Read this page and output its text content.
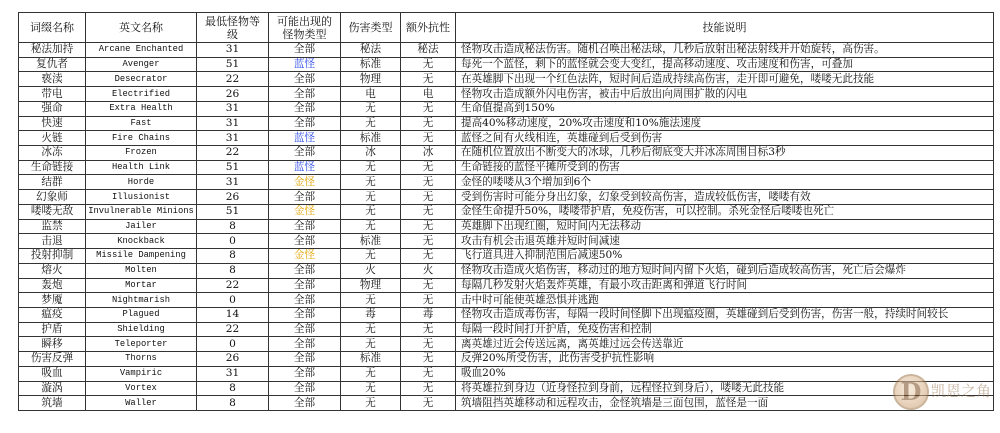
词缀名称	英文名称	最低怪物等级	可能出现的怪物类型	伤害类型	额外抗性	技能说明
秘法加持	Arcane Enchanted	31	全部	秘法	秘法	怪物攻击造成秘法伤害。随机召唤出秘法球，几秒后放射出秘法射线并开始旋转，高伤害。
复仇者	Avenger	51	蓝怪	标准	无	每死一个蓝怪，剩下的蓝怪就会变大变红，提高移动速度、攻击速度和伤害，可叠加
亵渎	Desecrator	22	全部	物理	无	在英雄脚下出现一个红色法阵，短时间后造成持续高伤害，走开即可避免，喽喽无此技能
带电	Electrified	26	全部	电	电	怪物攻击造成额外闪电伤害，被击中后放出向周围扩散的闪电
强命	Extra Health	31	全部	无	无	生命值提高到150%
快速	Fast	31	全部	无	无	提高40%移动速度，20%攻击速度和10%施法速度
火链	Fire Chains	31	蓝怪	标准	无	蓝怪之间有火线相连，英雄碰到后受到伤害
冰冻	Frozen	22	全部	冰	冰	在随机位置放出不断变大的冰球，几秒后彻底变大并冰冻周围目标3秒
生命链接	Health Link	51	蓝怪	无	无	生命链接的蓝怪平摊所受到的伤害
结群	Horde	31	金怪	无	无	金怪的喽喽从3个增加到6个
幻象师	Illusionist	26	全部	无	无	受到伤害时可能分身出幻象，幻象受到较高伤害，造成较低伤害，喽喽有效
喽喽无敌	Invulnerable Minions	51	金怪	无	无	金怪生命提升50%，喽喽带护盾，免疫伤害，可以控制。杀死金怪后喽喽也死亡
监禁	Jailer	8	全部	无	无	英雄脚下出现红圈，短时间内无法移动
击退	Knockback	0	全部	标准	无	攻击有机会击退英雄并短时间减速
投射抑制	Missile Dampening	8	金怪	无	无	飞行道具进入抑制范围后减速50%
熔火	Molten	8	全部	火	火	怪物攻击造成火焰伤害，移动过的地方短时间内留下火焰，碰到后造成较高伤害，死亡后会爆炸
轰炮	Mortar	22	全部	物理	无	每隔几秒发射火焰轰炸英雄，有最小攻击距离和弹道飞行时间
梦魇	Nightmarish	0	全部	无	无	击中时可能使英雄恐惧并逃跑
瘟疫	Plagued	14	全部	毒	毒	怪物攻击造成毒伤害，每隔一段时间怪脚下出现瘟疫圈，英雄碰到后受到伤害，伤害一般，持续时间较长
护盾	Shielding	22	全部	无	无	每隔一段时间打开护盾，免疫伤害和控制
瞬移	Teleporter	0	全部	无	无	离英雄过近会传送远离，离英雄过远会传送靠近
伤害反弹	Thorns	26	全部	标准	无	反弹20%所受伤害，此伤害受护抗性影响
吸血	Vampiric	31	全部	无	无	吸血20%
漩涡	Vortex	8	全部	无	无	将英雄拉到身边（近身怪拉到身前，远程怪拉到身后），喽喽无此技能
筑墙	Waller	8	全部	无	无	筑墙阻挡英雄移动和远程攻击，金怪筑墙是三面包围，蓝怪是一面	D 凯恩之角
